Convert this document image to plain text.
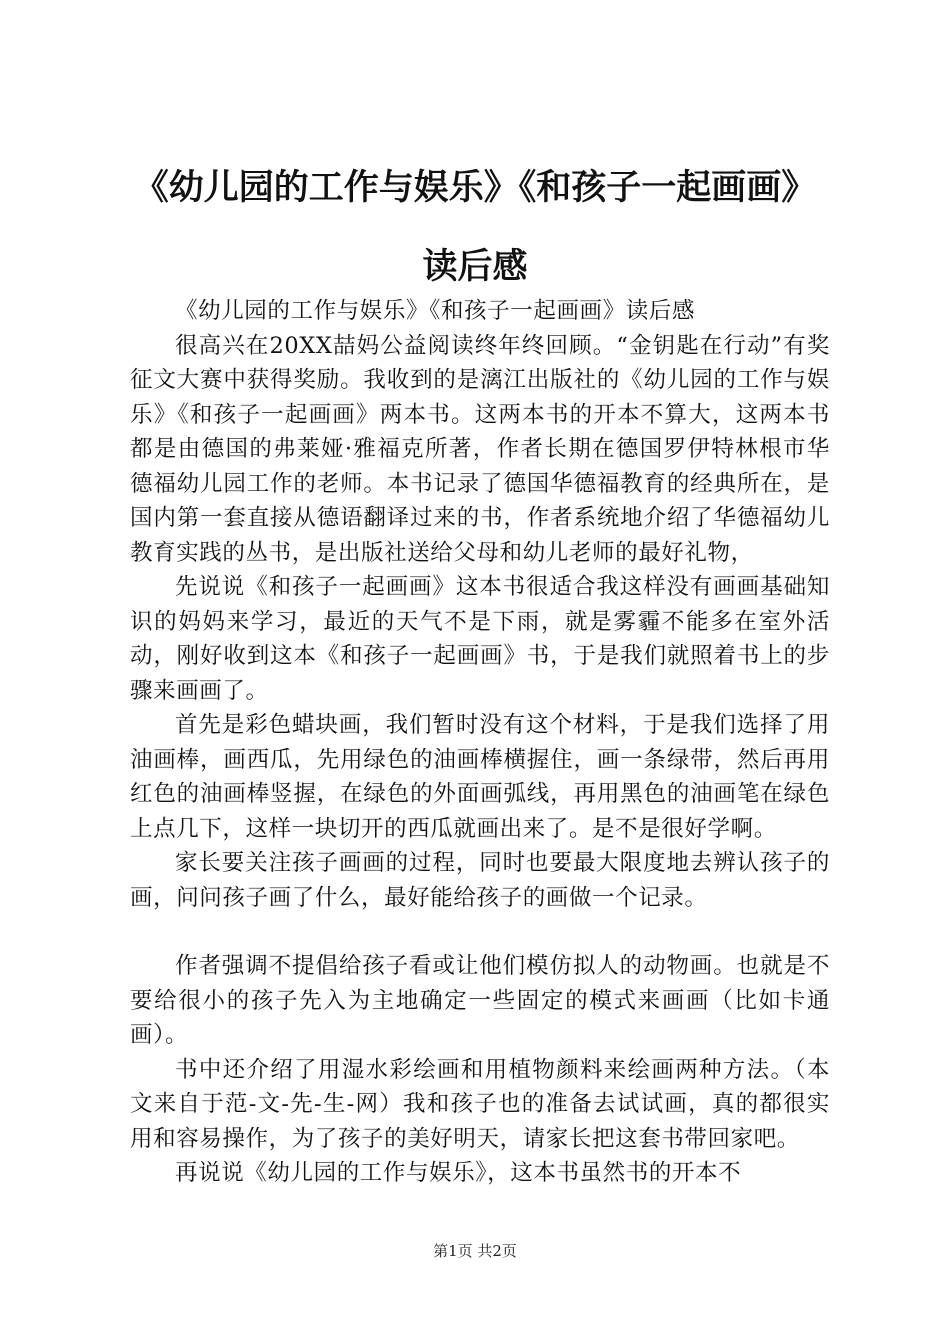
《幼儿园的工作与娱乐》《和孩子一起画画》
读后感

《幼儿园的工作与娱乐》《和孩子一起画画》读后感

很高兴在20XX喆妈公益阅读终年终回顾。“金钥匙在行动”有奖征文大赛中获得奖励。我收到的是漓江出版社的《幼儿园的工作与娱乐》《和孩子一起画画》两本书。这两本书的开本不算大，这两本书都是由德国的弗莱娅·雅福克所著，作者长期在德国罗伊特林根市华德福幼儿园工作的老师。本书记录了德国华德福教育的经典所在，是国内第一套直接从德语翻译过来的书，作者系统地介绍了华德福幼儿教育实践的丛书，是出版社送给父母和幼儿老师的最好礼物，

先说说《和孩子一起画画》这本书很适合我这样没有画画基础知识的妈妈来学习，最近的天气不是下雨，就是雾霾不能多在室外活动，刚好收到这本《和孩子一起画画》书，于是我们就照着书上的步骤来画画了。

首先是彩色蜡块画，我们暂时没有这个材料，于是我们选择了用油画棒，画西瓜，先用绿色的油画棒横握住，画一条绿带，然后再用红色的油画棒竖握，在绿色的外面画弧线，再用黑色的油画笔在绿色上点几下，这样一块切开的西瓜就画出来了。是不是很好学啊。

家长要关注孩子画画的过程，同时也要最大限度地去辨认孩子的画，问问孩子画了什么，最好能给孩子的画做一个记录。

作者强调不提倡给孩子看或让他们模仿拟人的动物画。也就是不要给很小的孩子先入为主地确定一些固定的模式来画画（比如卡通画）。

书中还介绍了用湿水彩绘画和用植物颜料来绘画两种方法。（本文来自于范-文-先-生-网）我和孩子也的准备去试试画，真的都很实用和容易操作，为了孩子的美好明天，请家长把这套书带回家吧。

再说说《幼儿园的工作与娱乐》，这本书虽然书的开本不

第1页 共2页
